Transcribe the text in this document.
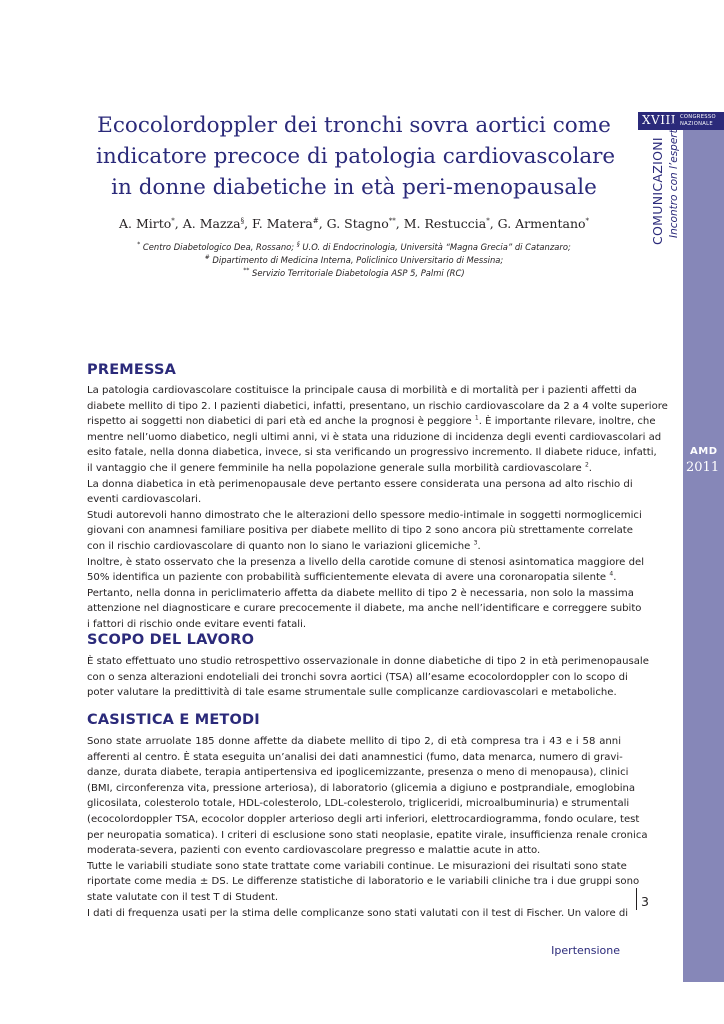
Ecocolordoppler dei tronchi sovra aortici come
indicatore precoce di patologia cardiovascolare
in donne diabetiche in età peri-menopausale
A. Mirto*, A. Mazza§, F. Matera#, G. Stagno**, M. Restuccia*, G. Armentano*
* Centro Diabetologico Dea, Rossano; § U.O. di Endocrinologia, Università “Magna Grecia” di Catanzaro;
# Dipartimento di Medicina Interna, Policlinico Universitario di Messina;
** Servizio Territoriale Diabetologia ASP 5, Palmi (RC)
PREMESSA
La patologia cardiovascolare costituisce la principale causa di morbilità e di mortalità per i pazienti affetti da
diabete mellito di tipo 2. I pazienti diabetici, infatti, presentano, un rischio cardiovascolare da 2 a 4 volte superiore
rispetto ai soggetti non diabetici di pari età ed anche la prognosi è peggiore $^1$. È importante rilevare, inoltre, che
mentre nell’uomo diabetico, negli ultimi anni, vi è stata una riduzione di incidenza degli eventi cardiovascolari ad
esito fatale, nella donna diabetica, invece, si sta verificando un progressivo incremento. Il diabete riduce, infatti,
il vantaggio che il genere femminile ha nella popolazione generale sulla morbilità cardiovascolare $^2$.
La donna diabetica in età perimenopausale deve pertanto essere considerata una persona ad alto rischio di
eventi cardiovascolari.
Studi autorevoli hanno dimostrato che le alterazioni dello spessore medio-intimale in soggetti normoglicemici
giovani con anamnesi familiare positiva per diabete mellito di tipo 2 sono ancora più strettamente correlate
con il rischio cardiovascolare di quanto non lo siano le variazioni glicemiche $^3$.
Inoltre, è stato osservato che la presenza a livello della carotide comune di stenosi asintomatica maggiore del
50% identifica un paziente con probabilità sufficientemente elevata di avere una coronaropatia silente $^4$.
Pertanto, nella donna in periclimaterio affetta da diabete mellito di tipo 2 è necessaria, non solo la massima
attenzione nel diagnosticare e curare precocemente il diabete, ma anche nell’identificare e correggere subito
i fattori di rischio onde evitare eventi fatali.
SCOPO DEL LAVORO
È stato effettuato uno studio retrospettivo osservazionale in donne diabetiche di tipo 2 in età perimenopausale
con o senza alterazioni endoteliali dei tronchi sovra aortici (TSA) all’esame ecocolordoppler con lo scopo di
poter valutare la predittività di tale esame strumentale sulle complicanze cardiovascolari e metaboliche.
CASISTICA E METODI
Sono state arruolate 185 donne affette da diabete mellito di tipo 2, di età compresa tra i 43 e i 58 anni
afferenti al centro. È stata eseguita un’analisi dei dati anamnestici (fumo, data menarca, numero di gravi-
danze, durata diabete, terapia antipertensiva ed ipoglicemizzante, presenza o meno di menopausa), clinici
(BMI, circonferenza vita, pressione arteriosa), di laboratorio (glicemia a digiuno e postprandiale, emoglobina
glicosilata, colesterolo totale, HDL-colesterolo, LDL-colesterolo, trigliceridi, microalbuminuria) e strumentali
(ecocolordoppler TSA, ecocolor doppler arterioso degli arti inferiori, elettrocardiogramma, fondo oculare, test
per neuropatia somatica). I criteri di esclusione sono stati neoplasie, epatite virale, insufficienza renale cronica
moderata-severa, pazienti con evento cardiovascolare pregresso e malattie acute in atto.
Tutte le variabili studiate sono state trattate come variabili continue. Le misurazioni dei risultati sono state
riportate come media ± DS. Le differenze statistiche di laboratorio e le variabili cliniche tra i due gruppi sono
state valutate con il test T di Student.
I dati di frequenza usati per la stima delle complicanze sono stati valutati con il test di Fischer. Un valore di
3
Ipertensione
XVIII CONGRESSO
NAZIONALE
COMUNICAZIONI Incontro con l’esperto
AMD
2011
